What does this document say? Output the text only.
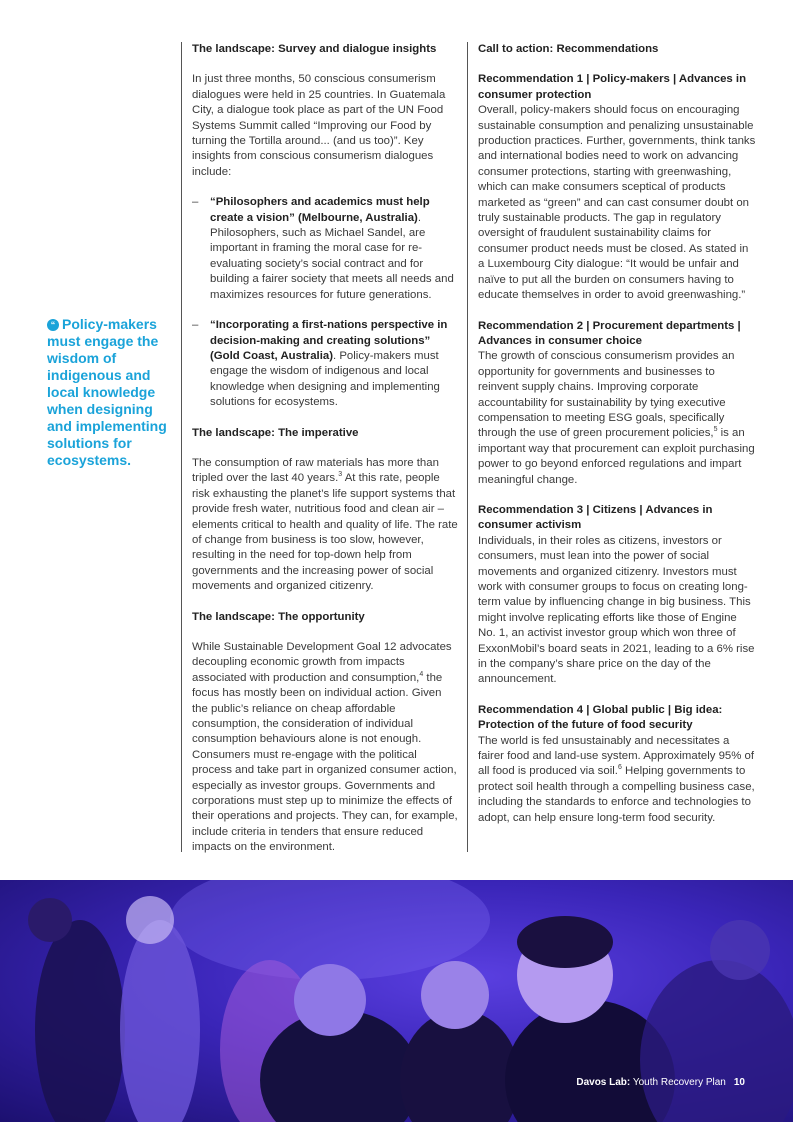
The landscape: Survey and dialogue insights

In just three months, 50 conscious consumerism dialogues were held in 25 countries. In Guatemala City, a dialogue took place as part of the UN Food Systems Summit called “Improving our Food by turning the Tortilla around... (and us too)”. Key insights from conscious consumerism dialogues include:

– “Philosophers and academics must help create a vision” (Melbourne, Australia). Philosophers, such as Michael Sandel, are important in framing the moral case for re-evaluating society’s social contract and for building a fairer society that meets all needs and maximizes resources for future generations.
– “Incorporating a first-nations perspective in decision-making and creating solutions” (Gold Coast, Australia). Policy-makers must engage the wisdom of indigenous and local knowledge when designing and implementing solutions for ecosystems.
The landscape: The imperative

The consumption of raw materials has more than tripled over the last 40 years.$^3$ At this rate, people risk exhausting the planet’s life support systems that provide fresh water, nutritious food and clean air – elements critical to health and quality of life. The rate of change from business is too slow, however, resulting in the need for top-down help from governments and the increasing power of social movements and organized citizenry.

The landscape: The opportunity

While Sustainable Development Goal 12 advocates decoupling economic growth from impacts associated with production and consumption,$^4$ the focus has mostly been on individual action. Given the public’s reliance on cheap affordable consumption, the consideration of individual consumption behaviours alone is not enough. Consumers must re-engage with the political process and take part in organized consumer action, especially as investor groups. Governments and corporations must step up to minimize the effects of their operations and projects. They can, for example, include criteria in tenders that ensure reduced impacts on the environment.

Call to action: Recommendations
Recommendation 1 | Policy-makers | Advances in consumer protection

Overall, policy-makers should focus on encouraging sustainable consumption and penalizing unsustainable production practices. Further, governments, think tanks and international bodies need to work on advancing consumer protections, starting with greenwashing, which can make consumers sceptical of products marketed as “green” and can cast consumer doubt on truly sustainable products. The gap in regulatory oversight of fraudulent sustainability claims for consumer product needs must be closed. As stated in a Luxembourg City dialogue: “It would be unfair and naïve to put all the burden on consumers having to educate themselves in order to avoid greenwashing.”

Recommendation 2 | Procurement departments | Advances in consumer choice

The growth of conscious consumerism provides an opportunity for governments and businesses to reinvent supply chains. Improving corporate accountability for sustainability by tying executive compensation to meeting ESG goals, specifically through the use of green procurement policies,$^5$ is an important way that procurement can exploit purchasing power to go beyond enforced regulations and impart meaningful change.

Recommendation 3 | Citizens | Advances in consumer activism

Individuals, in their roles as citizens, investors or consumers, must lean into the power of social movements and organized citizenry. Investors must work with consumer groups to focus on creating long-term value by influencing change in big business. This might involve replicating efforts like those of Engine No. 1, an activist investor group which won three of ExxonMobil’s board seats in 2021, leading to a 6% rise in the company’s share price on the day of the announcement.

Recommendation 4 | Global public | Big idea: Protection of the future of food security

The world is fed unsustainably and necessitates a fairer food and land-use system. Approximately 95% of all food is produced via soil.$^6$ Helping governments to protect soil health through a compelling business case, including the standards to enforce and technologies to adopt, can help ensure long-term food security.

“ Policy-makers must engage the wisdom of indigenous and local knowledge when designing and implementing solutions for ecosystems.
Davos Lab: Youth Recovery Plan 10
